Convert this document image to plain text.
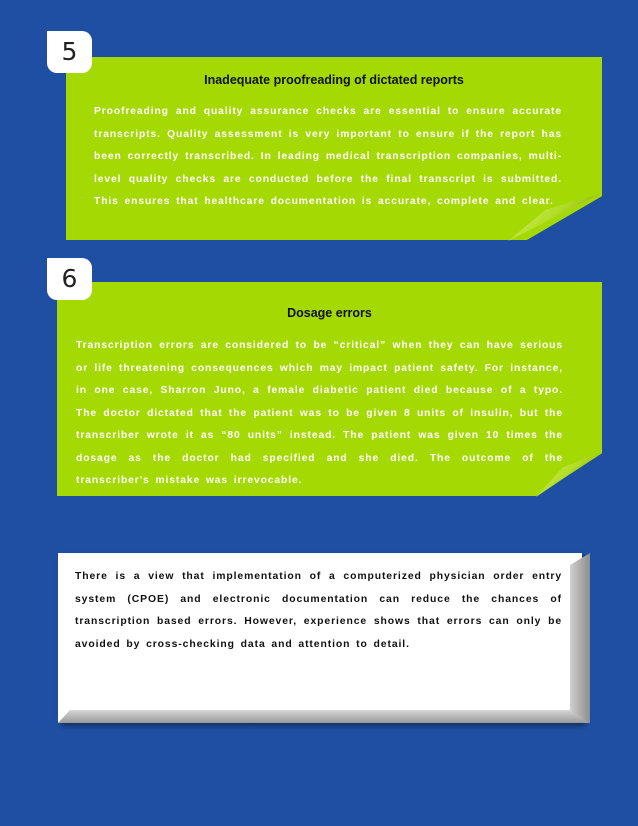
5
Inadequate proofreading of dictated reports

Proofreading and quality assurance checks are essential to ensure accurate transcripts. Quality assessment is very important to ensure if the report has been correctly transcribed. In leading medical transcription companies, multi-level quality checks are conducted before the final transcript is submitted. This ensures that healthcare documentation is accurate, complete and clear.

6
Dosage errors

Transcription errors are considered to be “critical” when they can have serious or life threatening consequences which may impact patient safety. For instance, in one case, Sharron Juno, a female diabetic patient died because of a typo. The doctor dictated that the patient was to be given 8 units of insulin, but the transcriber wrote it as “80 units” instead. The patient was given 10 times the dosage as the doctor had specified and she died. The outcome of the transcriber's mistake was irrevocable.

There is a view that implementation of a computerized physician order entry system (CPOE) and electronic documentation can reduce the chances of transcription based errors. However, experience shows that errors can only be avoided by cross-checking data and attention to detail.
